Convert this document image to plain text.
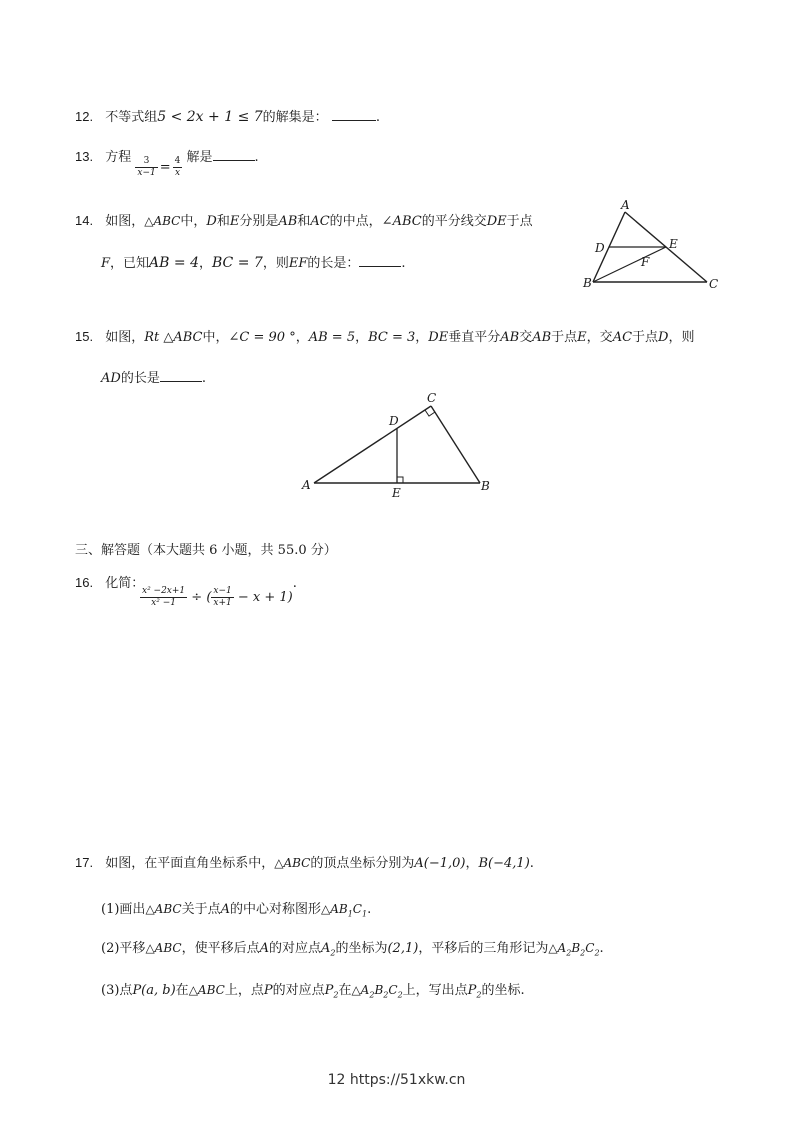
12. 不等式组5 < 2x + 1 ≤ 7的解集是：	.
13. 方程 $\frac{3}{x-1} = \frac{4}{x}$ 解是	.
14. 如图，△ABC中，D和E分别是AB和AC的中点，∠ABC的平分线交DE于点
F，已知AB = 4，BC = 7，则EF的长是：	.
A
B	C
D	E
F
15. 如图，Rt △ABC中，∠C = 90 °，AB = 5，BC = 3，DE垂直平分AB交AB于点E，交AC于点D，则
AD的长是	.
A	B
C
D
E
三、解答题（本大题共 6 小题，共 55.0 分）
16. 化简：
$\frac{\text{x² −2x+1}}{\text{x² −1}}$ ÷ ( $\frac{x-1}{x+1} - x + 1$).
17. 如图，在平面直角坐标系中，△ABC的顶点坐标分别为A(−1,0)，B(−4,1).
(1)画出△ABC关于点A的中心对称图形$\triangle AB_1C_1$.
(2)平移△ABC，使平移后点A的对应点$A_2$的坐标为(2,1)，平移后的三角形记为$\triangle A_2B_2C_2$.
(3)点P(a, b)在△ABC上，点P的对应点$P_2$在$\triangle A_2B_2C_2$上，写出点$P_2$的坐标.
12 https://51xkw.cn
